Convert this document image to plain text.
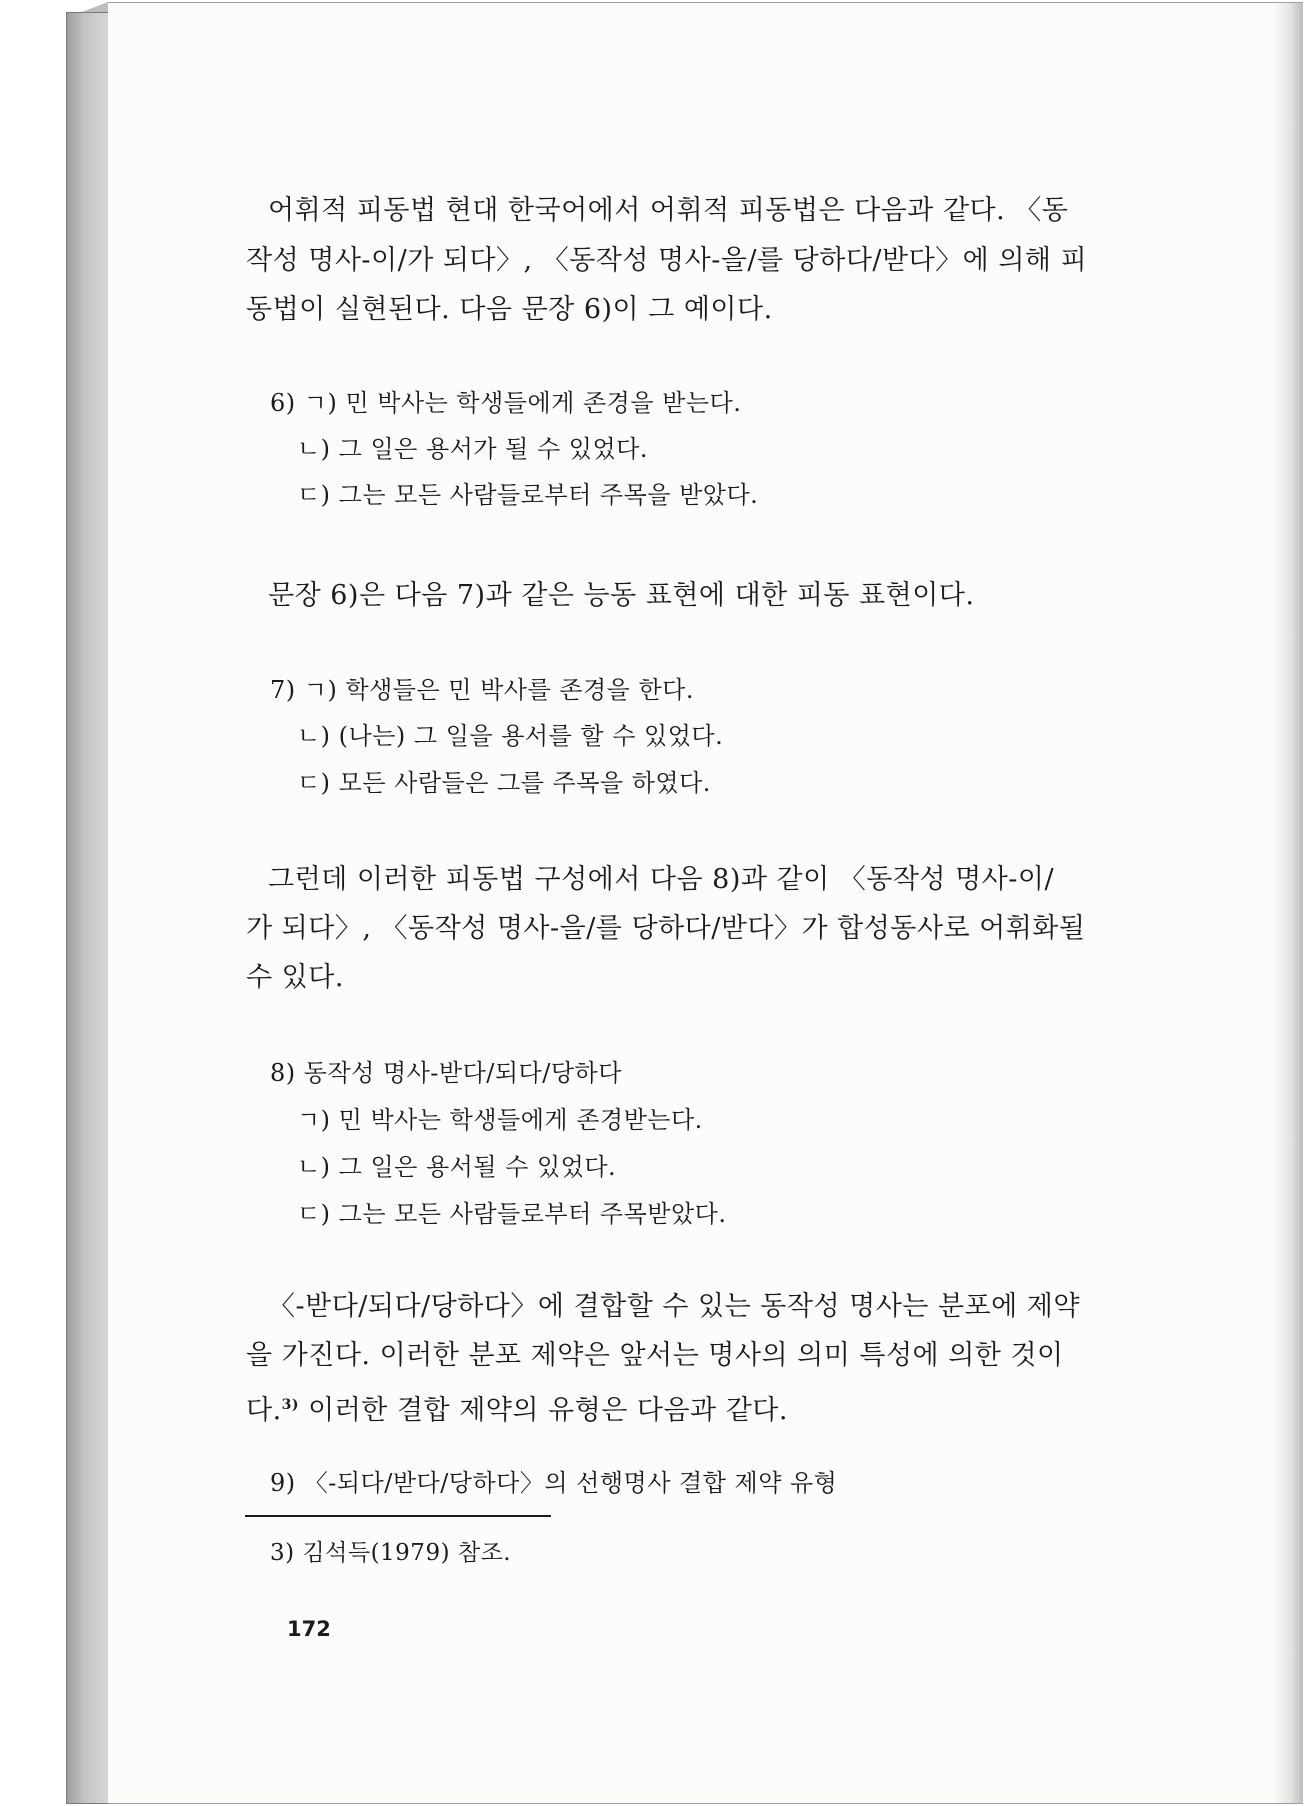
어휘적 피동법 현대 한국어에서 어휘적 피동법은 다음과 같다. 〈동
작성 명사-이/가 되다〉, 〈동작성 명사-을/를 당하다/받다〉에 의해 피
동법이 실현된다. 다음 문장 6)이 그 예이다.
6) ㄱ) 민 박사는 학생들에게 존경을 받는다.
ㄴ) 그 일은 용서가 될 수 있었다.
ㄷ) 그는 모든 사람들로부터 주목을 받았다.
문장 6)은 다음 7)과 같은 능동 표현에 대한 피동 표현이다.
7) ㄱ) 학생들은 민 박사를 존경을 한다.
ㄴ) (나는) 그 일을 용서를 할 수 있었다.
ㄷ) 모든 사람들은 그를 주목을 하였다.
그런데 이러한 피동법 구성에서 다음 8)과 같이 〈동작성 명사-이/
가 되다〉, 〈동작성 명사-을/를 당하다/받다〉가 합성동사로 어휘화될
수 있다.
8) 동작성 명사-받다/되다/당하다
ㄱ) 민 박사는 학생들에게 존경받는다.
ㄴ) 그 일은 용서될 수 있었다.
ㄷ) 그는 모든 사람들로부터 주목받았다.
〈-받다/되다/당하다〉에 결합할 수 있는 동작성 명사는 분포에 제약
을 가진다. 이러한 분포 제약은 앞서는 명사의 의미 특성에 의한 것이
다.$^{3)}$ 이러한 결합 제약의 유형은 다음과 같다.
9) 〈-되다/받다/당하다〉의 선행명사 결합 제약 유형
3) 김석득(1979) 참조.
172
